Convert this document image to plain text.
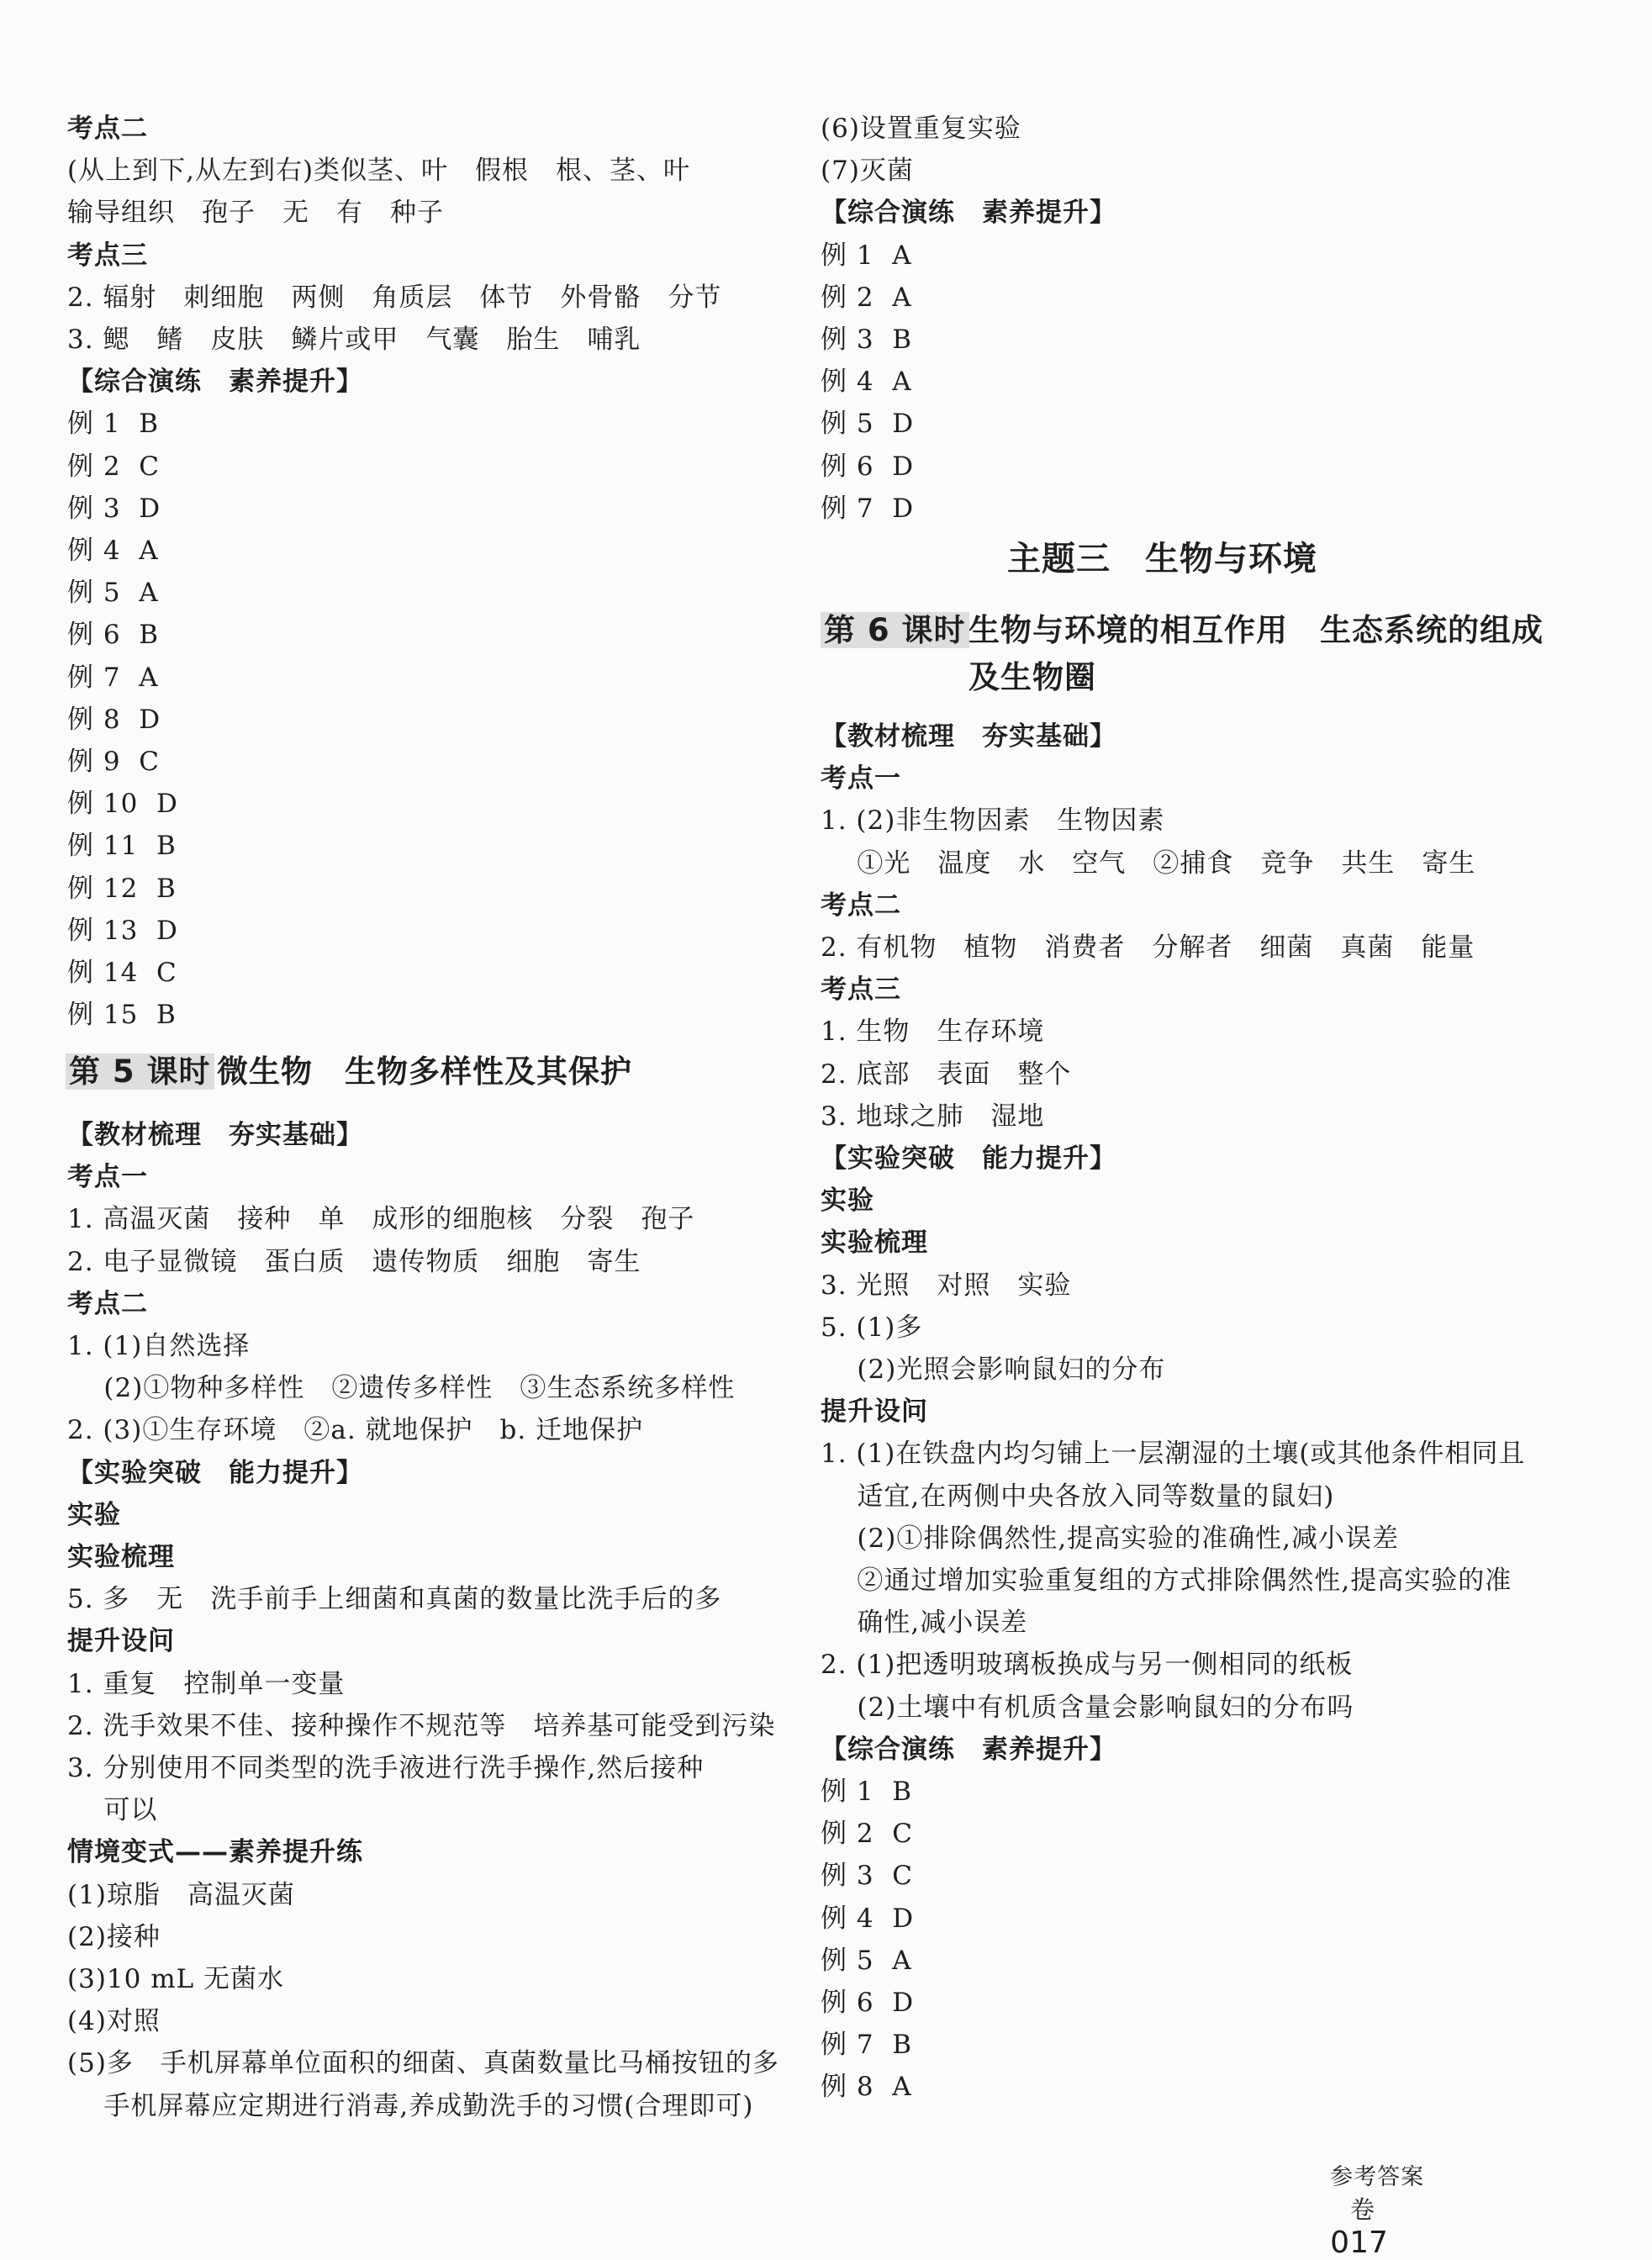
考点二
(从上到下,从左到右)类似茎、叶　假根　根、茎、叶
输导组织　孢子　无　有　种子
考点三
2. 辐射　刺细胞　两侧　角质层　体节　外骨骼　分节
3. 鳃　鳍　皮肤　鳞片或甲　气囊　胎生　哺乳
【综合演练　素养提升】
例 1  B
例 2  C
例 3  D
例 4  A
例 5  A
例 6  B
例 7  A
例 8  D
例 9  C
例 10  D
例 11  B
例 12  B
例 13  D
例 14  C
例 15  B
第 5 课时 微生物　生物多样性及其保护
【教材梳理　夯实基础】
考点一
1. 高温灭菌　接种　单　成形的细胞核　分裂　孢子
2. 电子显微镜　蛋白质　遗传物质　细胞　寄生
考点二
1. (1)自然选择
(2)①物种多样性　②遗传多样性　③生态系统多样性
2. (3)①生存环境　②a. 就地保护　b. 迁地保护
【实验突破　能力提升】
实验
实验梳理
5. 多　无　洗手前手上细菌和真菌的数量比洗手后的多
提升设问
1. 重复　控制单一变量
2. 洗手效果不佳、接种操作不规范等　培养基可能受到污染
3. 分别使用不同类型的洗手液进行洗手操作,然后接种
可以
情境变式——素养提升练
(1)琼脂　高温灭菌
(2)接种
(3)10 mL 无菌水
(4)对照
(5)多　手机屏幕单位面积的细菌、真菌数量比马桶按钮的多
手机屏幕应定期进行消毒,养成勤洗手的习惯(合理即可)
(6)设置重复实验
(7)灭菌
【综合演练　素养提升】
例 1  A
例 2  A
例 3  B
例 4  A
例 5  D
例 6  D
例 7  D
主题三　生物与环境
第 6 课时 生物与环境的相互作用　生态系统的组成
及生物圈
【教材梳理　夯实基础】
考点一
1. (2)非生物因素　生物因素
①光　温度　水　空气　②捕食　竞争　共生　寄生
考点二
2. 有机物　植物　消费者　分解者　细菌　真菌　能量
考点三
1. 生物　生存环境
2. 底部　表面　整个
3. 地球之肺　湿地
【实验突破　能力提升】
实验
实验梳理
3. 光照　对照　实验
5. (1)多
(2)光照会影响鼠妇的分布
提升设问
1. (1)在铁盘内均匀铺上一层潮湿的土壤(或其他条件相同且
适宜,在两侧中央各放入同等数量的鼠妇)
(2)①排除偶然性,提高实验的准确性,减小误差
②通过增加实验重复组的方式排除偶然性,提高实验的准
确性,减小误差
2. (1)把透明玻璃板换成与另一侧相同的纸板
(2)土壤中有机质含量会影响鼠妇的分布吗
【综合演练　素养提升】
例 1  B
例 2  C
例 3  C
例 4  D
例 5  A
例 6  D
例 7  B
例 8  A

参考答案
卷
017
